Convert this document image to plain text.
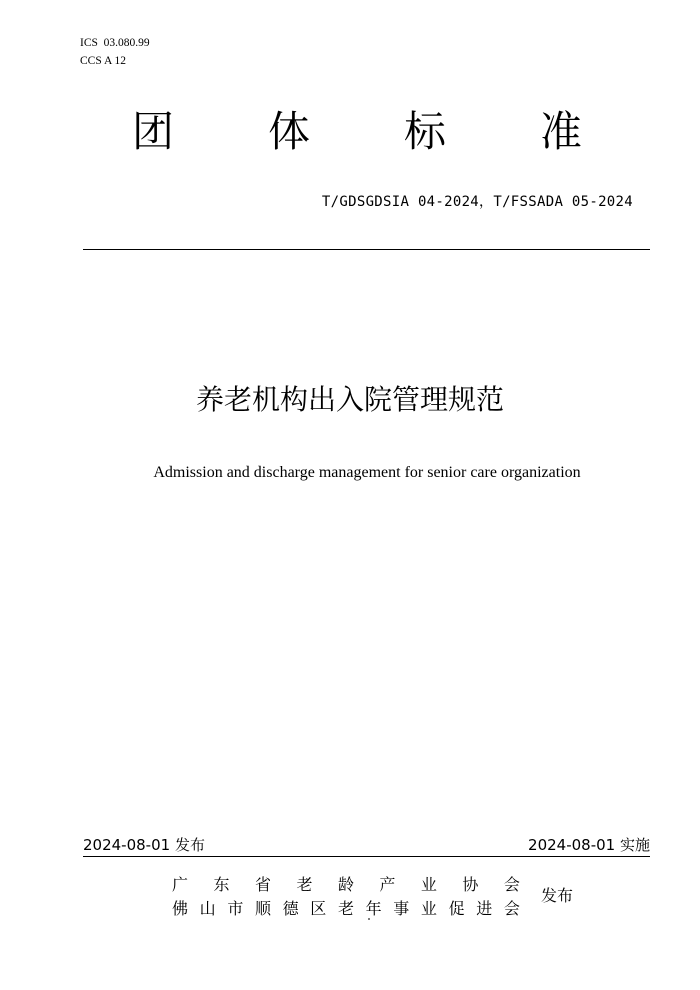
ICS 03.080.99
CCS A 12
团 体 标 准
T/GDSGDSIA 04-2024，T/FSSADA 05-2024
养老机构出入院管理规范
Admission and discharge management for senior care organization
2024-08-01 发布	2024-08-01 实施
广 东 省 老 龄 产 业 协 会
佛 山 市 顺 德 区 老 年 事 业 促 进 会
发布
